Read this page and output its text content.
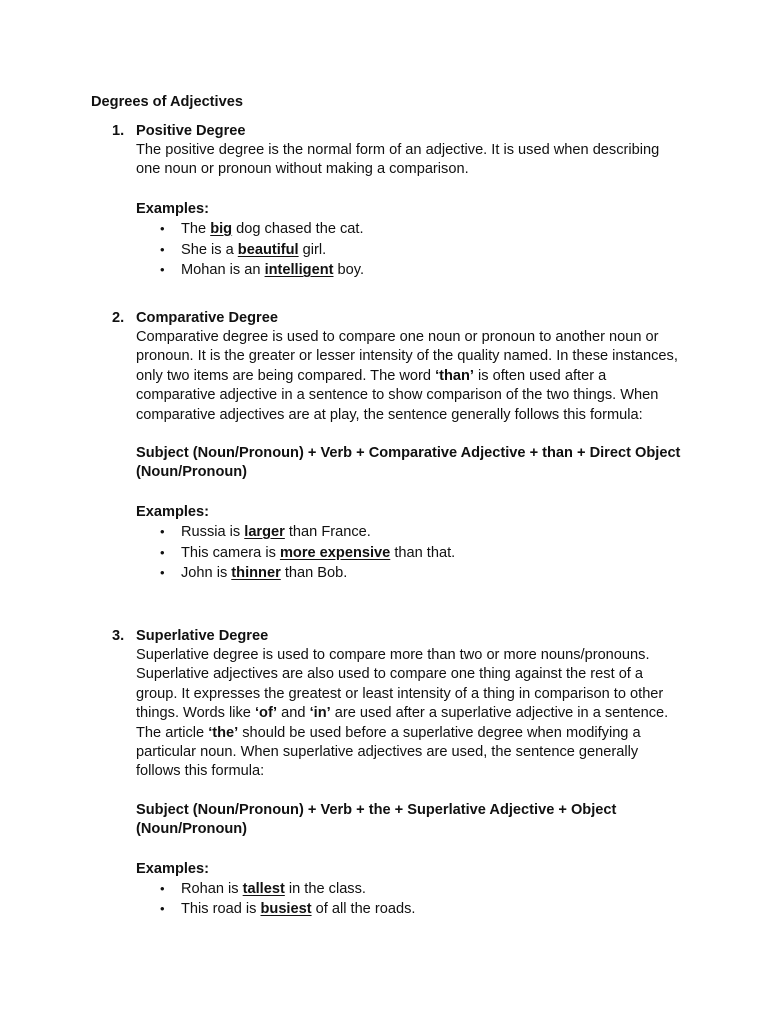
Degrees of Adjectives
1. Positive Degree

The positive degree is the normal form of an adjective. It is used when describing one noun or pronoun without making a comparison.

Examples:
• The big dog chased the cat.
• She is a beautiful girl.
• Mohan is an intelligent boy.
2. Comparative Degree

Comparative degree is used to compare one noun or pronoun to another noun or pronoun. It is the greater or lesser intensity of the quality named. In these instances, only two items are being compared. The word ‘than’ is often used after a comparative adjective in a sentence to show comparison of the two things. When comparative adjectives are at play, the sentence generally follows this formula:

Subject (Noun/Pronoun) + Verb + Comparative Adjective + than + Direct Object (Noun/Pronoun)

Examples:
• Russia is larger than France.
• This camera is more expensive than that.
• John is thinner than Bob.
3. Superlative Degree

Superlative degree is used to compare more than two or more nouns/pronouns. Superlative adjectives are also used to compare one thing against the rest of a group. It expresses the greatest or least intensity of a thing in comparison to other things. Words like ‘of’ and ‘in’ are used after a superlative adjective in a sentence. The article ‘the’ should be used before a superlative degree when modifying a particular noun. When superlative adjectives are used, the sentence generally follows this formula:

Subject (Noun/Pronoun) + Verb + the + Superlative Adjective + Object (Noun/Pronoun)

Examples:
• Rohan is tallest in the class.
• This road is busiest of all the roads.
